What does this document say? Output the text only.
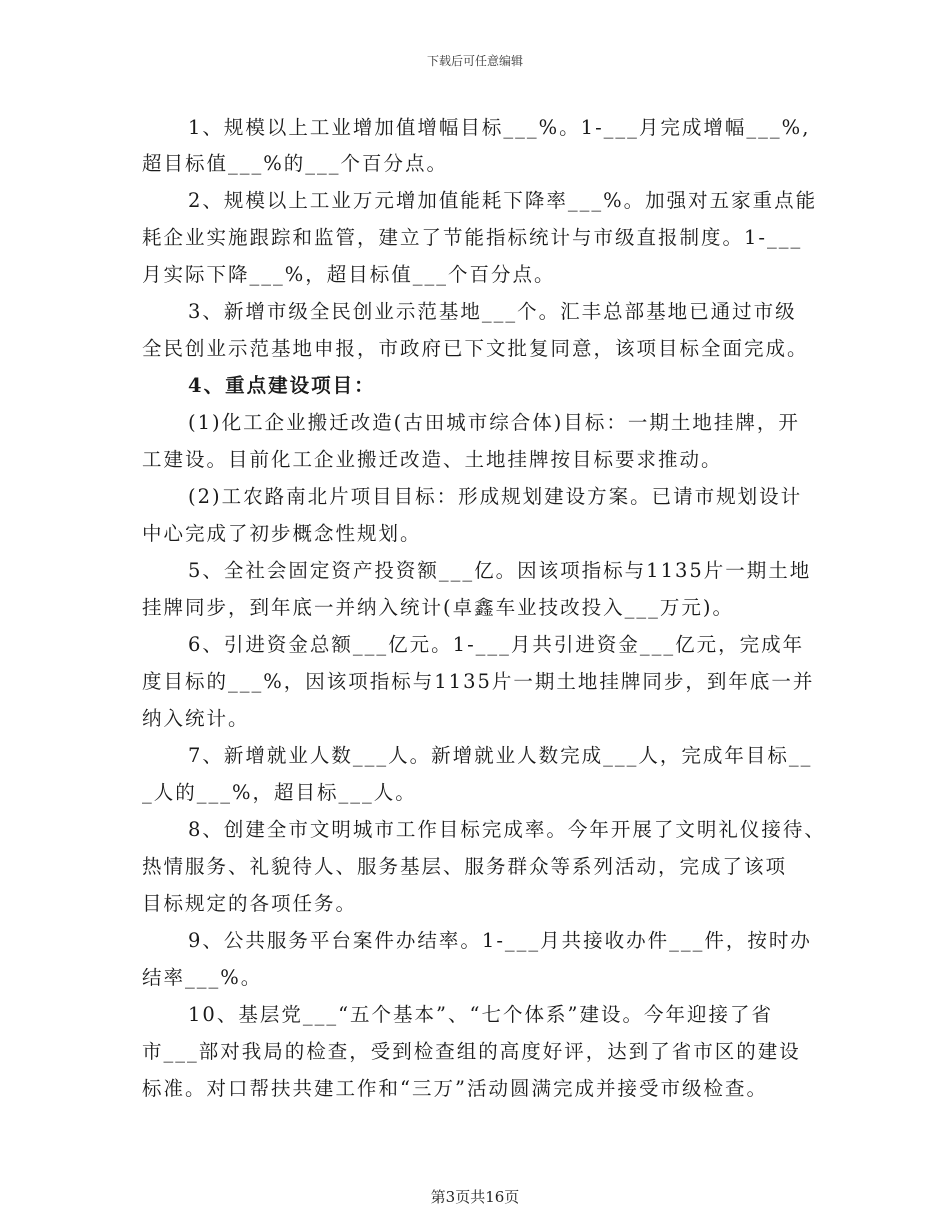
下载后可任意编辑
1、规模以上工业增加值增幅目标___%。1-___月完成增幅___%,
超目标值___%的___个百分点。
2、规模以上工业万元增加值能耗下降率___%。加强对五家重点能
耗企业实施跟踪和监管，建立了节能指标统计与市级直报制度。1-___
月实际下降___%，超目标值___个百分点。
3、新增市级全民创业示范基地___个。汇丰总部基地已通过市级
全民创业示范基地申报，市政府已下文批复同意，该项目标全面完成。
4、重点建设项目：
(1)化工企业搬迁改造(古田城市综合体)目标：一期土地挂牌，开
工建设。目前化工企业搬迁改造、土地挂牌按目标要求推动。
(2)工农路南北片项目目标：形成规划建设方案。已请市规划设计
中心完成了初步概念性规划。
5、全社会固定资产投资额___亿。因该项指标与1135片一期土地
挂牌同步，到年底一并纳入统计(卓鑫车业技改投入___万元)。
6、引进资金总额___亿元。1-___月共引进资金___亿元，完成年
度目标的___%，因该项指标与1135片一期土地挂牌同步，到年底一并
纳入统计。
7、新增就业人数___人。新增就业人数完成___人，完成年目标__
_人的___%，超目标___人。
8、创建全市文明城市工作目标完成率。今年开展了文明礼仪接待、
热情服务、礼貌待人、服务基层、服务群众等系列活动，完成了该项
目标规定的各项任务。
9、公共服务平台案件办结率。1-___月共接收办件___件，按时办
结率___%。
10、基层党___“五个基本”、“七个体系”建设。今年迎接了省
市___部对我局的检查，受到检查组的高度好评，达到了省市区的建设
标准。对口帮扶共建工作和“三万”活动圆满完成并接受市级检查。
第3页共16页
